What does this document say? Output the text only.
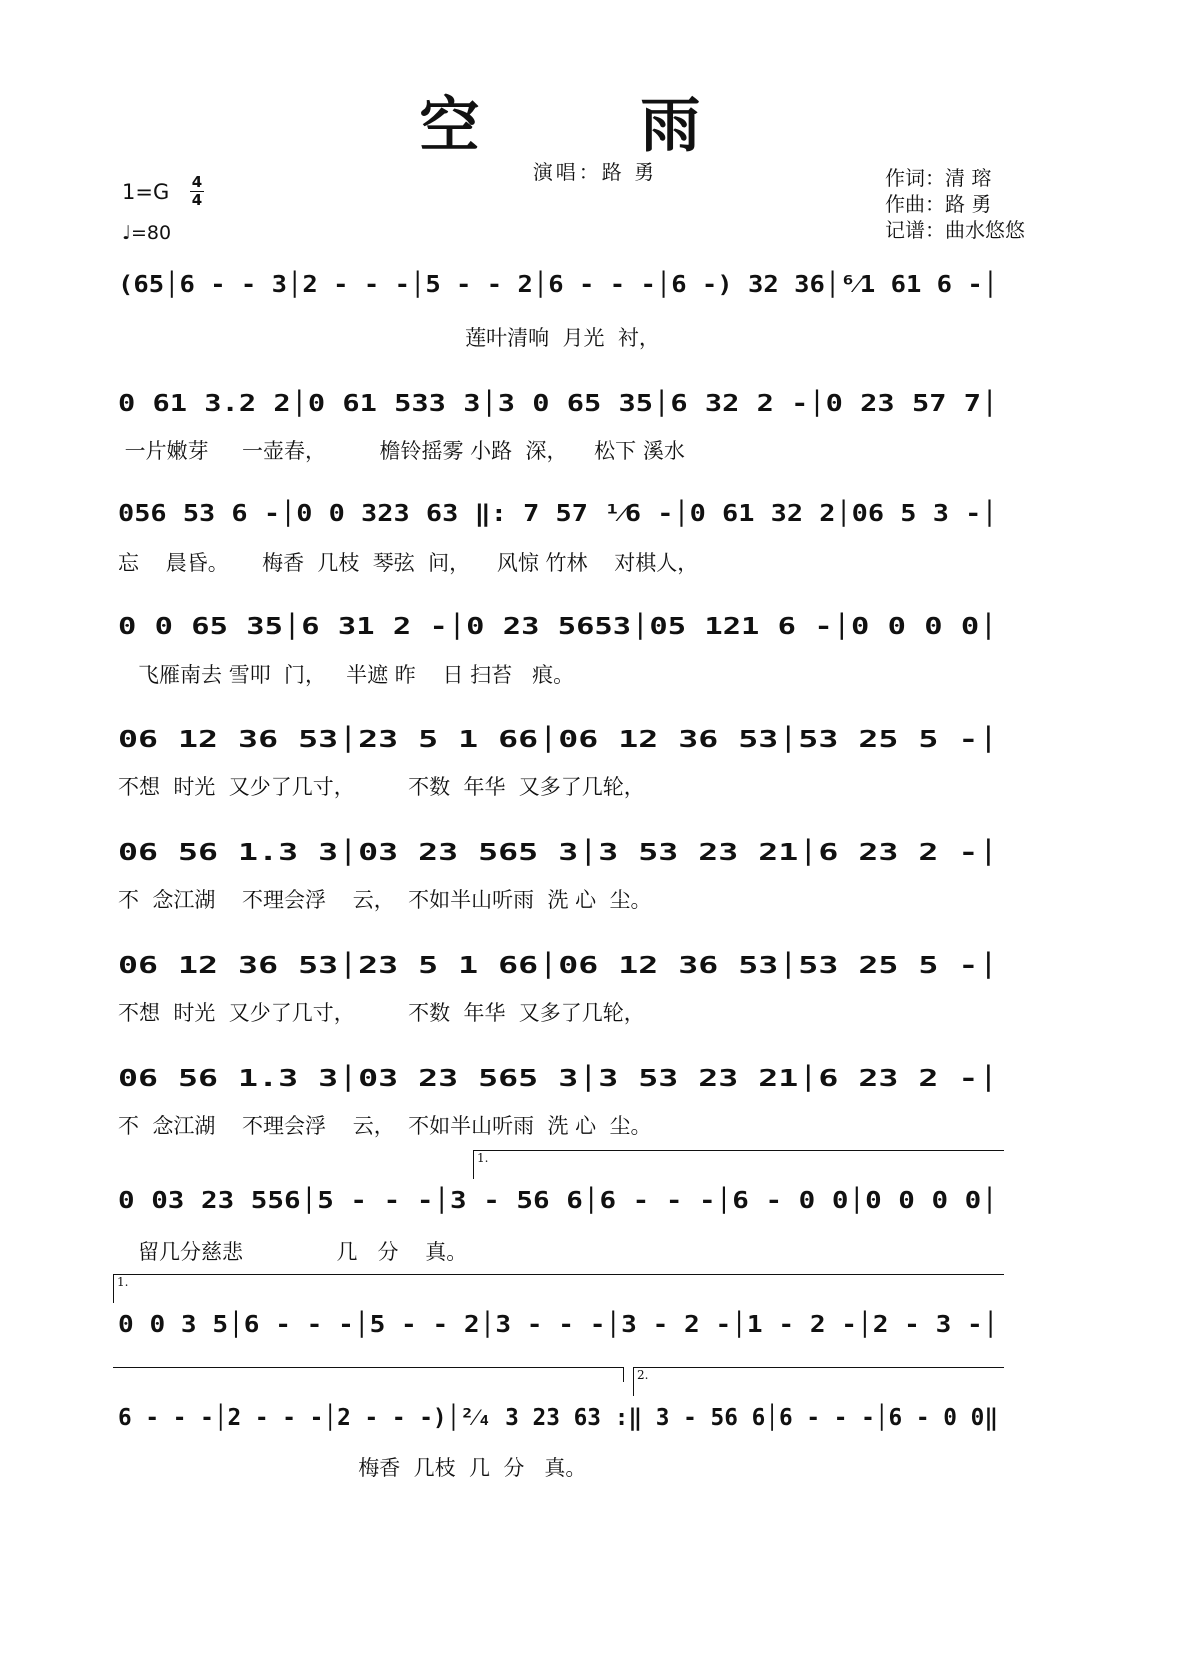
空 雨
演唱：路 勇
1=G 4
4
♩=80
作词：清 瑢
作曲：路 勇
记谱：曲水悠悠
(65│6 - - 3│2 - - -│5 - - 2│6 - - -│6 -) 32 36│⁶⁄1 61 6 -│
莲叶清响  月光  衬，
0 61 3.2 2│0 61 533 3│3 0 65 35│6 32 2 -│0 23 57 7│
一片嫩芽     一壶春，        檐铃摇雾 小路  深，    松下 溪水
056 53 6 -│0 0 323 63 ‖: 7 57 ¹⁄6 -│0 61 32 2│06 5 3 -│
忘    晨昏。     梅香  几枝  琴弦  问，    风惊 竹林    对棋人，
0 0 65 35│6 31 2 -│0 23 5653│05 121 6 -│0 0 0 0│
飞雁南去 雪叩  门，   半遮 昨    日 扫苔   痕。
06 12 36 53│23 5 1 66│06 12 36 53│53 25 5 -│
不想  时光  又少了几寸，        不数  年华  又多了几轮，
06 56 1.3 3│03 23 565 3│3 53 23 21│6 23 2 -│
不  念江湖    不理会浮    云，  不如半山听雨  洗 心  尘。
06 12 36 53│23 5 1 66│06 12 36 53│53 25 5 -│
不想  时光  又少了几寸，        不数  年华  又多了几轮，
06 56 1.3 3│03 23 565 3│3 53 23 21│6 23 2 -│
不  念江湖    不理会浮    云，  不如半山听雨  洗 心  尘。
1.
0 03 23 556│5 - - -│3 - 56 6│6 - - -│6 - 0 0│0 0 0 0│
留几分慈悲              几   分    真。
1.
0 0 3 5│6 - - -│5 - - 2│3 - - -│3 - 2 -│1 - 2 -│2 - 3 -│
2.
6 - - -│2 - - -│2 - - -)│²⁄₄ 3 23 63 :‖ 3 - 56 6│6 - - -│6 - 0 0‖
梅香  几枝  几  分   真。
